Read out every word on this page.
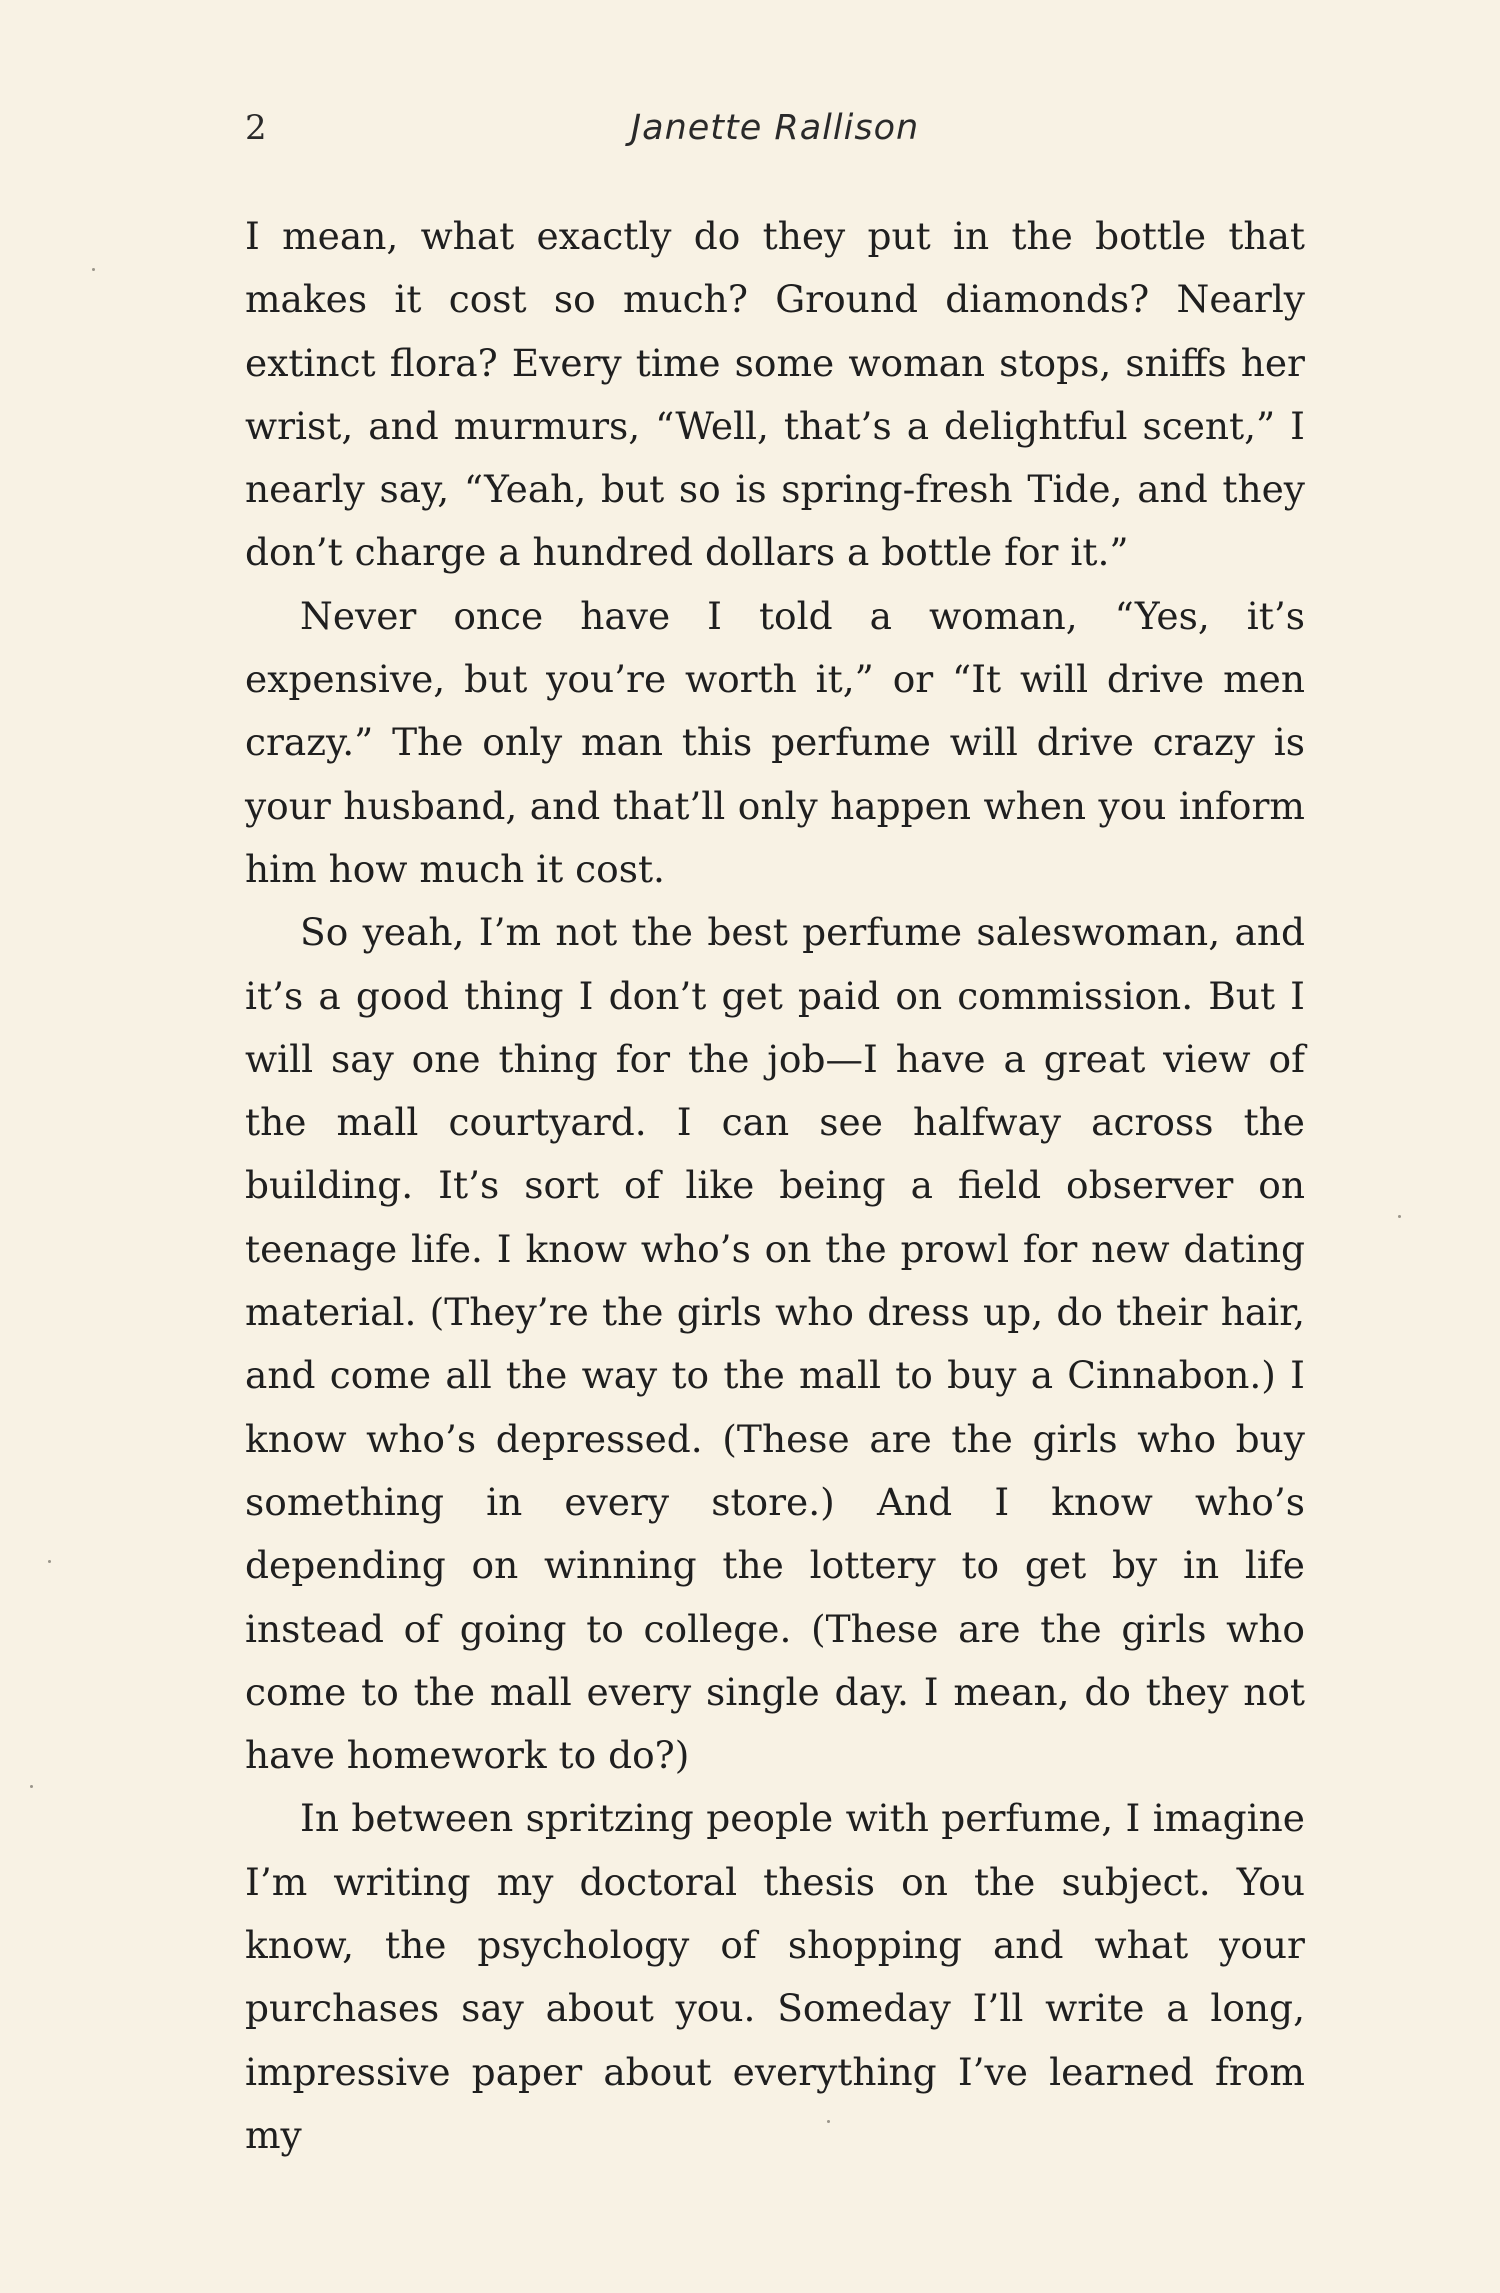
2	Janette Rallison

I mean, what exactly do they put in the bottle that makes it cost so much? Ground diamonds? Nearly extinct flora? Every time some woman stops, sniffs her wrist, and murmurs, “Well, that’s a delightful scent,” I nearly say, “Yeah, but so is spring-fresh Tide, and they don’t charge a hundred dollars a bottle for it.”

Never once have I told a woman, “Yes, it’s expensive, but you’re worth it,” or “It will drive men crazy.” The only man this perfume will drive crazy is your husband, and that’ll only happen when you inform him how much it cost.

So yeah, I’m not the best perfume saleswoman, and it’s a good thing I don’t get paid on commission. But I will say one thing for the job—I have a great view of the mall courtyard. I can see halfway across the building. It’s sort of like being a field observer on teenage life. I know who’s on the prowl for new dating material. (They’re the girls who dress up, do their hair, and come all the way to the mall to buy a Cinnabon.) I know who’s depressed. (These are the girls who buy something in every store.) And I know who’s depending on winning the lottery to get by in life instead of going to college. (These are the girls who come to the mall every single day. I mean, do they not have homework to do?)

In between spritzing people with perfume, I imagine I’m writing my doctoral thesis on the subject. You know, the psychology of shopping and what your purchases say about you. Someday I’ll write a long, impressive paper about everything I’ve learned from my
